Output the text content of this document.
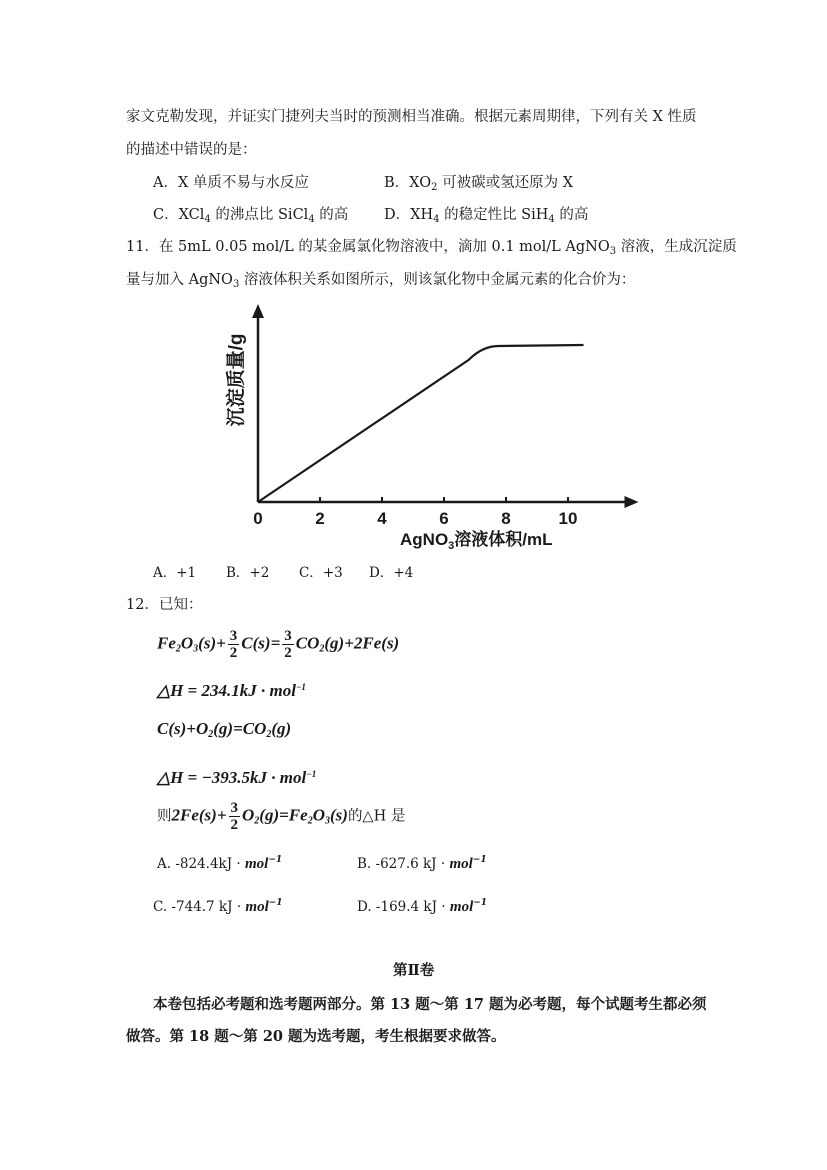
家文克勒发现，并证实门捷列夫当时的预测相当准确。根据元素周期律，下列有关 X 性质
的描述中错误的是：
A．X 单质不易与水反应	B．$XO_2$ 可被碳或氢还原为 X
C．XCl$_4$ 的沸点比 SiCl$_4$ 的高 D．$XH_4$ 的稳定性比 SiH$_4$ 的高
11．在 5mL 0.05 mol/L 的某金属氯化物溶液中，滴加 0.1 mol/L AgNO$_3$ 溶液，生成沉淀质
量与加入 AgNO$_3$ 溶液体积关系如图所示，则该氯化物中金属元素的化合价为：
0	2	4	6	8	10
沉淀质量/g
AgNO$_3$溶液体积/mL
A．+1 B．+2 C．+3 D．+4
12．已知：
$Fe_2O_3(s)+ \frac{3}{2} C(s)= \frac{3}{2} CO_2(g)+2Fe(s)$
△H = 234.1kJ · mol$^{-1}$
$C(s)+O_2(g)=CO_2(g)$
△H = −393.5kJ · mol$^{-1}$
则$2Fe(s)+ \frac{3}{2} O_2(g)=Fe_2O_3(s)$的△H 是
A. -824.4kJ · mol$^{-1}$	B. -627.6 kJ · mol$^{-1}$
C. -744.7 kJ · mol$^{-1}$	D. -169.4 kJ · mol$^{-1}$
第Ⅱ卷
本卷包括必考题和选考题两部分。第 13 题～第 17 题为必考题，每个试题考生都必须
做答。第 18 题～第 20 题为选考题，考生根据要求做答。
